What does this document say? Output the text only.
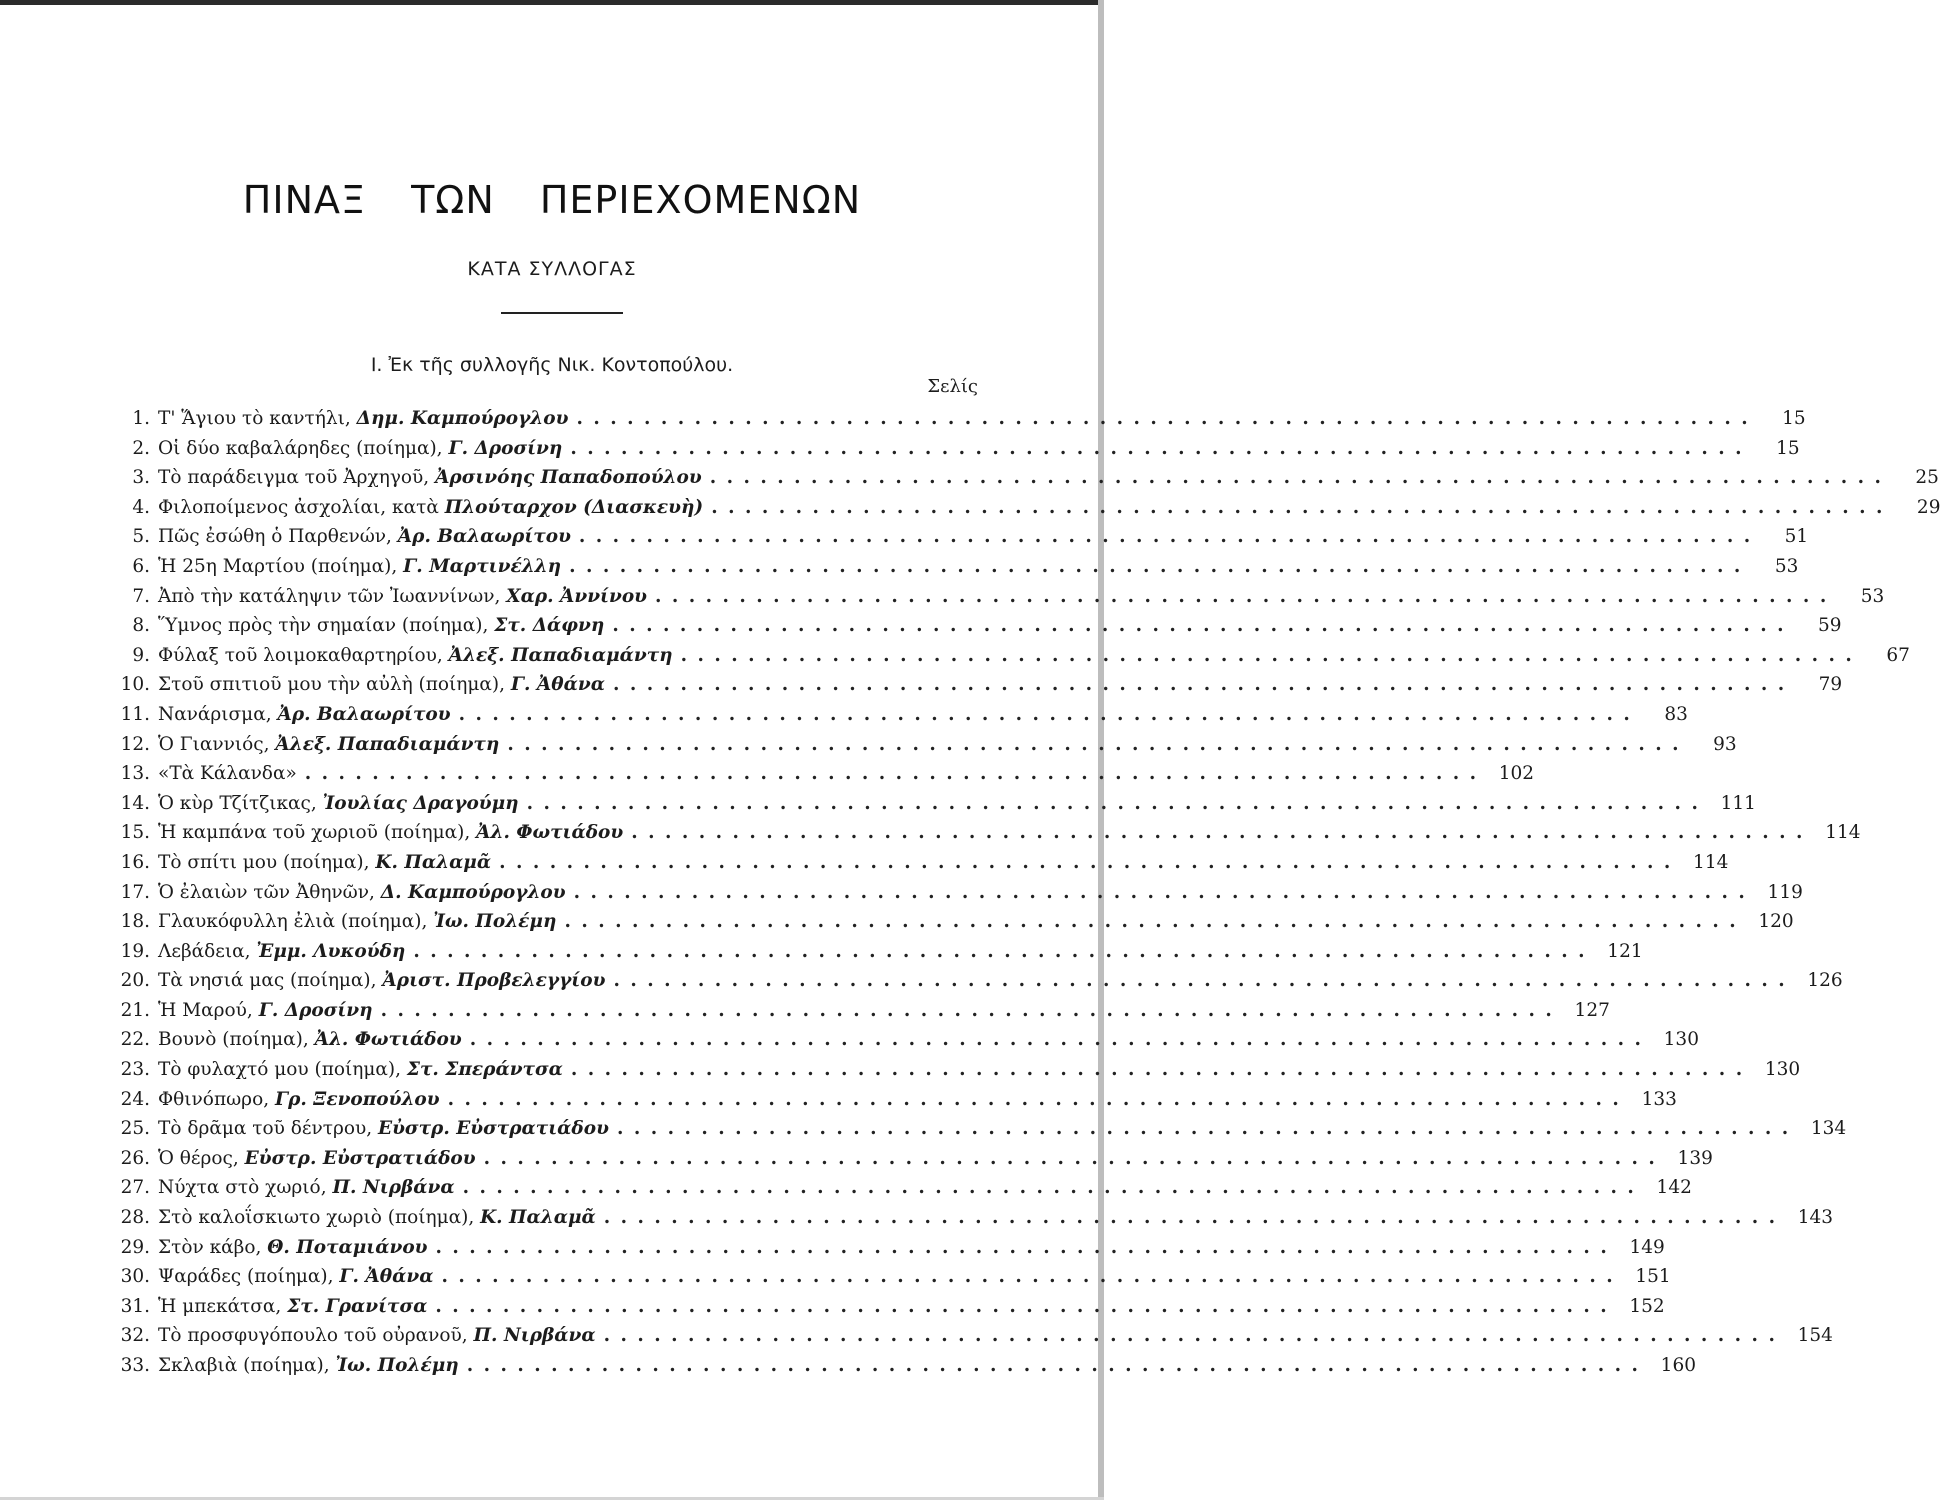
ΠΙΝΑΞ ΤΩΝ ΠΕΡΙΕΧΟΜΕΝΩΝ
ΚΑΤΑ ΣΥΛΛΟΓΑΣ
Ι. Ἐκ τῆς συλλογῆς Νικ. Κοντοπούλου.
Σελίς
1. Τ' Ἅγιου τὸ καντήλι, Δημ. Καμπούρογλου . . .	15
2. Οἱ δύο καβαλάρηδες (ποίημα), Γ. Δροσίνη . . .	15
3. Τὸ παράδειγμα τοῦ Ἀρχηγοῦ, Ἀρσινόης Παπαδοπούλου . . .	25
4. Φιλοποίμενος ἀσχολίαι, κατὰ Πλούταρχον (Διασκευὴ) . . .	29
5. Πῶς ἐσώθη ὁ Παρθενών, Ἀρ. Βαλαωρίτου . . .	51
6. Ἡ 25η Μαρτίου (ποίημα), Γ. Μαρτινέλλη . . .	53
7. Ἀπὸ τὴν κατάληψιν τῶν Ἰωαννίνων, Χαρ. Ἀννίνου . . .	53
8. Ὕμνος πρὸς τὴν σημαίαν (ποίημα), Στ. Δάφνη . . .	59
9. Φύλαξ τοῦ λοιμοκαθαρτηρίου, Ἀλεξ. Παπαδιαμάντη . . .	67
10. Στοῦ σπιτιοῦ μου τὴν αὐλὴ (ποίημα), Γ. Ἀθάνα . . .	79
11. Νανάρισμα, Ἀρ. Βαλαωρίτου . . .	83
12. Ὁ Γιαννιός, Ἀλεξ. Παπαδιαμάντη . . .	93
13. «Τὰ Κάλανδα» . . .	102
14. Ὁ κὺρ Τζίτζικας, Ἰουλίας Δραγούμη . . .	111
15. Ἡ καμπάνα τοῦ χωριοῦ (ποίημα), Ἀλ. Φωτιάδου . . .	114
16. Τὸ σπίτι μου (ποίημα), Κ. Παλαμᾶ . . .	114
17. Ὁ ἐλαιὼν τῶν Ἀθηνῶν, Δ. Καμπούρογλου . . .	119
18. Γλαυκόφυλλη ἐλιὰ (ποίημα), Ἰω. Πολέμη . . .	120
19. Λεβάδεια, Ἐμμ. Λυκούδη . . .	121
20. Τὰ νησιά μας (ποίημα), Ἀριστ. Προβελεγγίου . . .	126
21. Ἡ Μαρού, Γ. Δροσίνη . . .	127
22. Βουνὸ (ποίημα), Ἀλ. Φωτιάδου . . .	130
23. Τὸ φυλαχτό μου (ποίημα), Στ. Σπεράντσα . . .	130
24. Φθινόπωρο, Γρ. Ξενοπούλου . . .	133
25. Τὸ δρᾶμα τοῦ δέντρου, Εὐστρ. Εὐστρατιάδου . . .	134
26. Ὁ θέρος, Εὐστρ. Εὐστρατιάδου . . .	139
27. Νύχτα στὸ χωριό, Π. Νιρβάνα . . .	142
28. Στὸ καλοΐσκιωτο χωριὸ (ποίημα), Κ. Παλαμᾶ . . .	143
29. Στὸν κάβο, Θ. Ποταμιάνου . . .	149
30. Ψαράδες (ποίημα), Γ. Ἀθάνα . . .	151
31. Ἡ μπεκάτσα, Στ. Γρανίτσα . . .	152
32. Τὸ προσφυγόπουλο τοῦ οὐρανοῦ, Π. Νιρβάνα . . .	154
33. Σκλαβιὰ (ποίημα), Ἰω. Πολέμη . . .	160
